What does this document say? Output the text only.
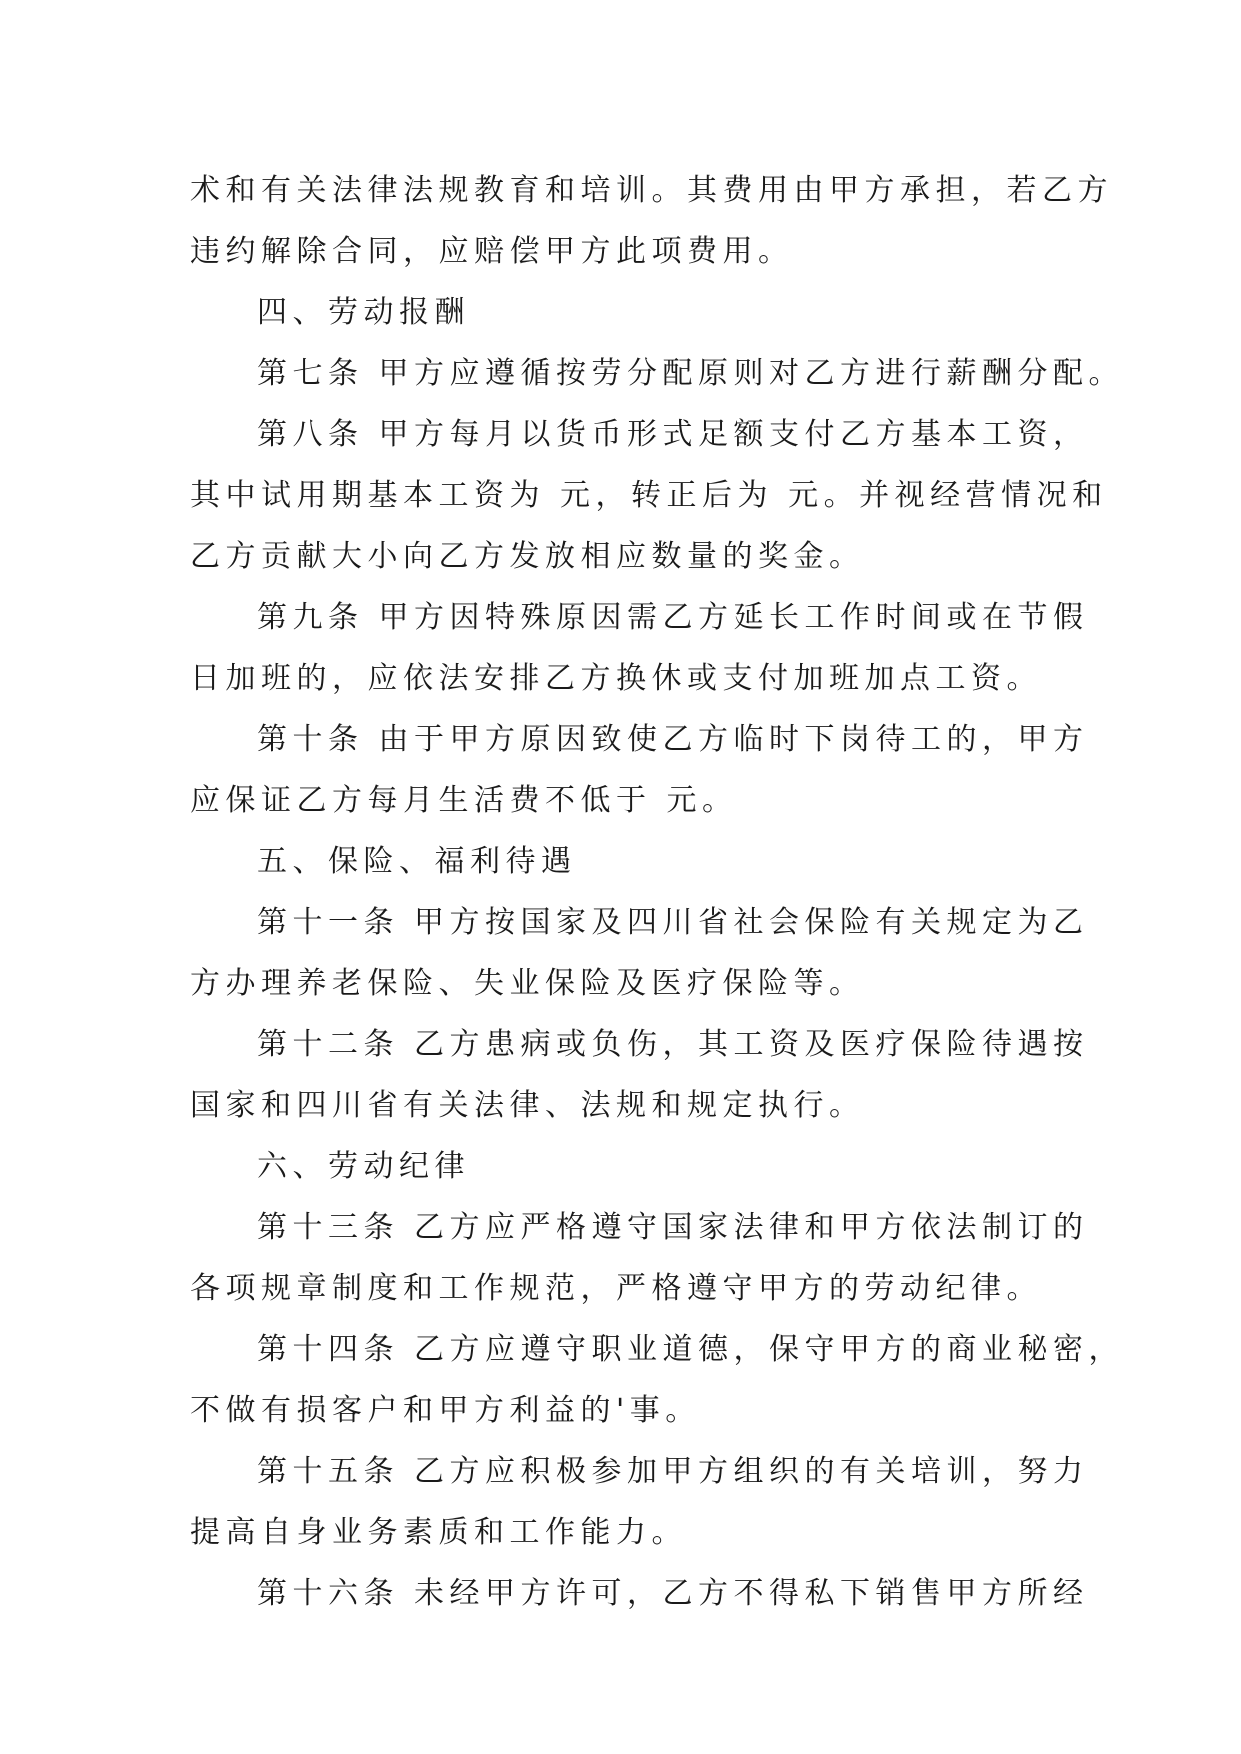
术和有关法律法规教育和培训。其费用由甲方承担，若乙方
违约解除合同，应赔偿甲方此项费用。
四、劳动报酬
第七条 甲方应遵循按劳分配原则对乙方进行薪酬分配。
第八条 甲方每月以货币形式足额支付乙方基本工资，
其中试用期基本工资为 元，转正后为 元。并视经营情况和
乙方贡献大小向乙方发放相应数量的奖金。
第九条 甲方因特殊原因需乙方延长工作时间或在节假
日加班的，应依法安排乙方换休或支付加班加点工资。
第十条 由于甲方原因致使乙方临时下岗待工的，甲方
应保证乙方每月生活费不低于 元。
五、保险、福利待遇
第十一条 甲方按国家及四川省社会保险有关规定为乙
方办理养老保险、失业保险及医疗保险等。
第十二条 乙方患病或负伤，其工资及医疗保险待遇按
国家和四川省有关法律、法规和规定执行。
六、劳动纪律
第十三条 乙方应严格遵守国家法律和甲方依法制订的
各项规章制度和工作规范，严格遵守甲方的劳动纪律。
第十四条 乙方应遵守职业道德，保守甲方的商业秘密，
不做有损客户和甲方利益的'事。
第十五条 乙方应积极参加甲方组织的有关培训，努力
提高自身业务素质和工作能力。
第十六条 未经甲方许可，乙方不得私下销售甲方所经
